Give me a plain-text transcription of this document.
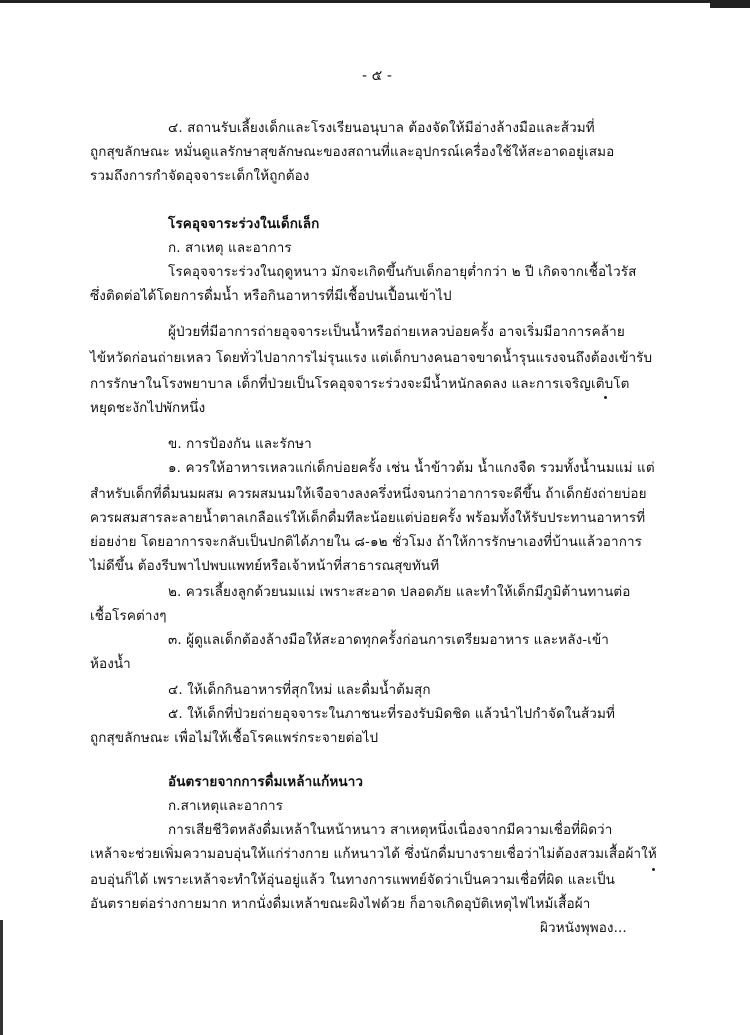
- ๕ -
๔. สถานรับเลี้ยงเด็กและโรงเรียนอนุบาล ต้องจัดให้มีอ่างล้างมือและส้วมที่
ถูกสุขลักษณะ หมั่นดูแลรักษาสุขลักษณะของสถานที่และอุปกรณ์เครื่องใช้ให้สะอาดอยู่เสมอ
รวมถึงการกำจัดอุจจาระเด็กให้ถูกต้อง
โรคอุจจาระร่วงในเด็กเล็ก
ก. สาเหตุ และอาการ
โรคอุจจาระร่วงในฤดูหนาว มักจะเกิดขึ้นกับเด็กอายุต่ำกว่า ๒ ปี เกิดจากเชื้อไวรัส
ซึ่งติดต่อได้โดยการดื่มน้ำ หรือกินอาหารที่มีเชื้อปนเปื้อนเข้าไป
ผู้ป่วยที่มีอาการถ่ายอุจจาระเป็นน้ำหรือถ่ายเหลวบ่อยครั้ง อาจเริ่มมีอาการคล้าย
ไข้หวัดก่อนถ่ายเหลว โดยทั่วไปอาการไม่รุนแรง แต่เด็กบางคนอาจขาดน้ำรุนแรงจนถึงต้องเข้ารับ
การรักษาในโรงพยาบาล เด็กที่ป่วยเป็นโรคอุจจาระร่วงจะมีน้ำหนักลดลง และการเจริญเติบโต
หยุดชะงักไปพักหนึ่ง
ข. การป้องกัน และรักษา
๑. ควรให้อาหารเหลวแก่เด็กบ่อยครั้ง เช่น น้ำข้าวต้ม น้ำแกงจืด รวมทั้งน้ำนมแม่ แต่
สำหรับเด็กที่ดื่มนมผสม ควรผสมนมให้เจือจางลงครึ่งหนึ่งจนกว่าอาการจะดีขึ้น ถ้าเด็กยังถ่ายบ่อย
ควรผสมสารละลายน้ำตาลเกลือแร่ให้เด็กดื่มทีละน้อยแต่บ่อยครั้ง พร้อมทั้งให้รับประทานอาหารที่
ย่อยง่าย โดยอาการจะกลับเป็นปกติได้ภายใน ๘-๑๒ ชั่วโมง ถ้าให้การรักษาเองที่บ้านแล้วอาการ
ไม่ดีขึ้น ต้องรีบพาไปพบแพทย์หรือเจ้าหน้าที่สาธารณสุขทันที
๒. ควรเลี้ยงลูกด้วยนมแม่ เพราะสะอาด ปลอดภัย และทำให้เด็กมีภูมิต้านทานต่อ
เชื้อโรคต่างๆ
๓. ผู้ดูแลเด็กต้องล้างมือให้สะอาดทุกครั้งก่อนการเตรียมอาหาร และหลัง-เข้า
ห้องน้ำ
๔. ให้เด็กกินอาหารที่สุกใหม่ และดื่มน้ำต้มสุก
๕. ให้เด็กที่ป่วยถ่ายอุจจาระในภาชนะที่รองรับมิดชิด แล้วนำไปกำจัดในส้วมที่
ถูกสุขลักษณะ เพื่อไม่ให้เชื้อโรคแพร่กระจายต่อไป
อันตรายจากการดื่มเหล้าแก้หนาว
ก.สาเหตุและอาการ
การเสียชีวิตหลังดื่มเหล้าในหน้าหนาว สาเหตุหนึ่งเนื่องจากมีความเชื่อที่ผิดว่า
เหล้าจะช่วยเพิ่มความอบอุ่นให้แก่ร่างกาย แก้หนาวได้ ซึ่งนักดื่มบางรายเชื่อว่าไม่ต้องสวมเสื้อผ้าให้
อบอุ่นก็ได้ เพราะเหล้าจะทำให้อุ่นอยู่แล้ว ในทางการแพทย์จัดว่าเป็นความเชื่อที่ผิด และเป็น
อันตรายต่อร่างกายมาก หากนั่งดื่มเหล้าขณะผิงไฟด้วย ก็อาจเกิดอุบัติเหตุไฟไหม้เสื้อผ้า
ผิวหนังพุพอง...
